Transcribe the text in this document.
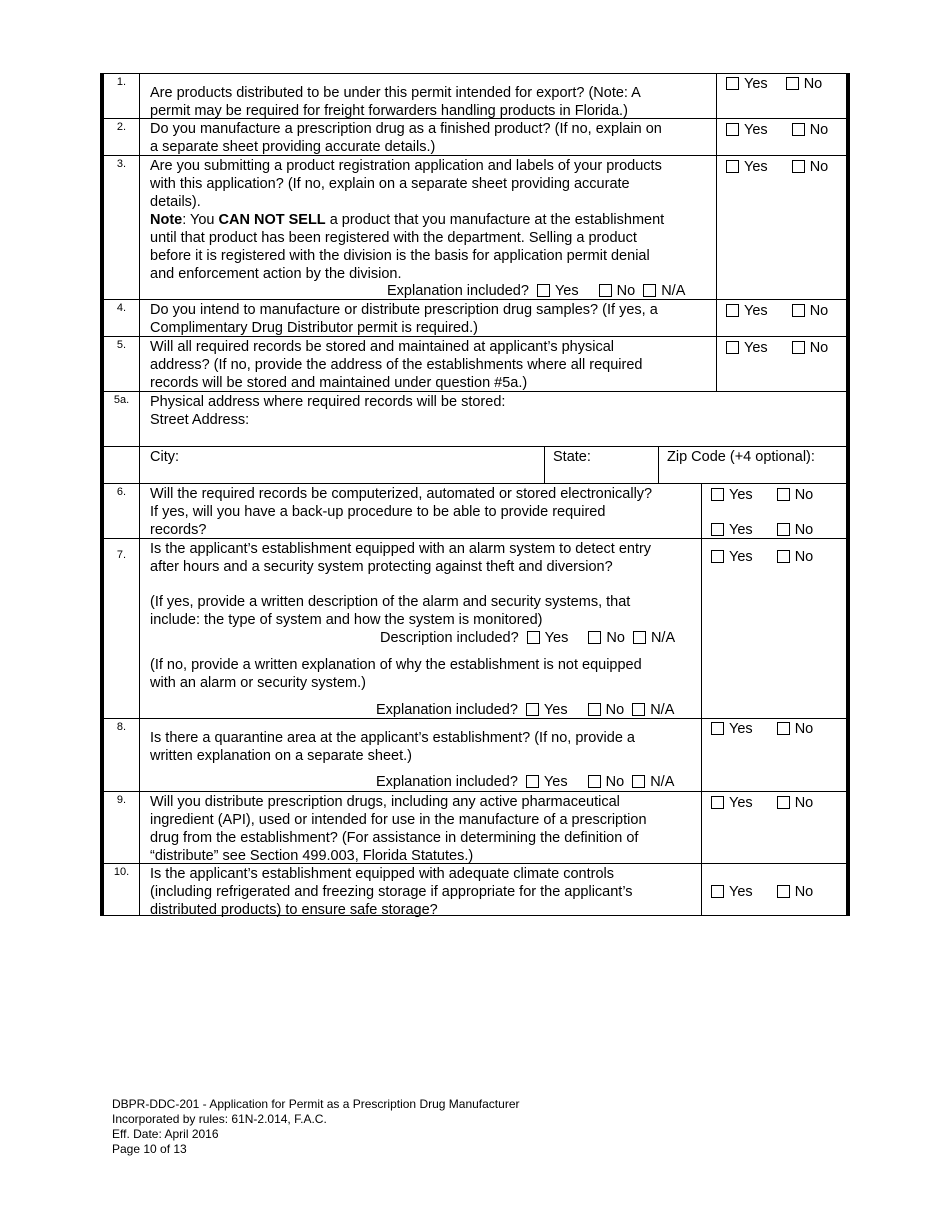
1.
Are products distributed to be under this permit intended for export? (Note: A
permit may be required for freight forwarders handling products in Florida.)
Yes No
2.	Do you manufacture a prescription drug as a finished product? (If no, explain on
a separate sheet providing accurate details.)
Yes	No
3.	Are you submitting a product registration application and labels of your products
with this application? (If no, explain on a separate sheet providing accurate
details).
Note: You CAN NOT SELL a product that you manufacture at the establishment
until that product has been registered with the department. Selling a product
before it is registered with the division is the basis for application permit denial
and enforcement action by the division.
Explanation included? Yes	No N/A
Yes	No
4.	Do you intend to manufacture or distribute prescription drug samples? (If yes, a
Complimentary Drug Distributor permit is required.)
Yes	No
5.	Will all required records be stored and maintained at applicant’s physical
address? (If no, provide the address of the establishments where all required
records will be stored and maintained under question #5a.)
Yes	No
5a.	Physical address where required records will be stored:
Street Address:
City:	State:	Zip Code (+4 optional):
6.	Will the required records be computerized, automated or stored electronically?
If yes, will you have a back-up procedure to be able to provide required
records?
Yes	No
Yes	No
7.	Is the applicant’s establishment equipped with an alarm system to detect entry
after hours and a security system protecting against theft and diversion?
(If yes, provide a written description of the alarm and security systems, that
include: the type of system and how the system is monitored)
Description included? Yes	No N/A
(If no, provide a written explanation of why the establishment is not equipped
with an alarm or security system.)
Explanation included? Yes	No N/A
Yes	No
8.
Is there a quarantine area at the applicant’s establishment? (If no, provide a
written explanation on a separate sheet.)
Explanation included? Yes	No N/A
Yes	No
9.	Will you distribute prescription drugs, including any active pharmaceutical
ingredient (API), used or intended for use in the manufacture of a prescription
drug from the establishment? (For assistance in determining the definition of
“distribute” see Section 499.003, Florida Statutes.)
Yes	No
10.	Is the applicant’s establishment equipped with adequate climate controls
(including refrigerated and freezing storage if appropriate for the applicant’s
distributed products) to ensure safe storage?
Yes	No
DBPR-DDC-201 - Application for Permit as a Prescription Drug Manufacturer
Incorporated by rules: 61N-2.014, F.A.C.
Eff. Date: April 2016
Page 10 of 13
